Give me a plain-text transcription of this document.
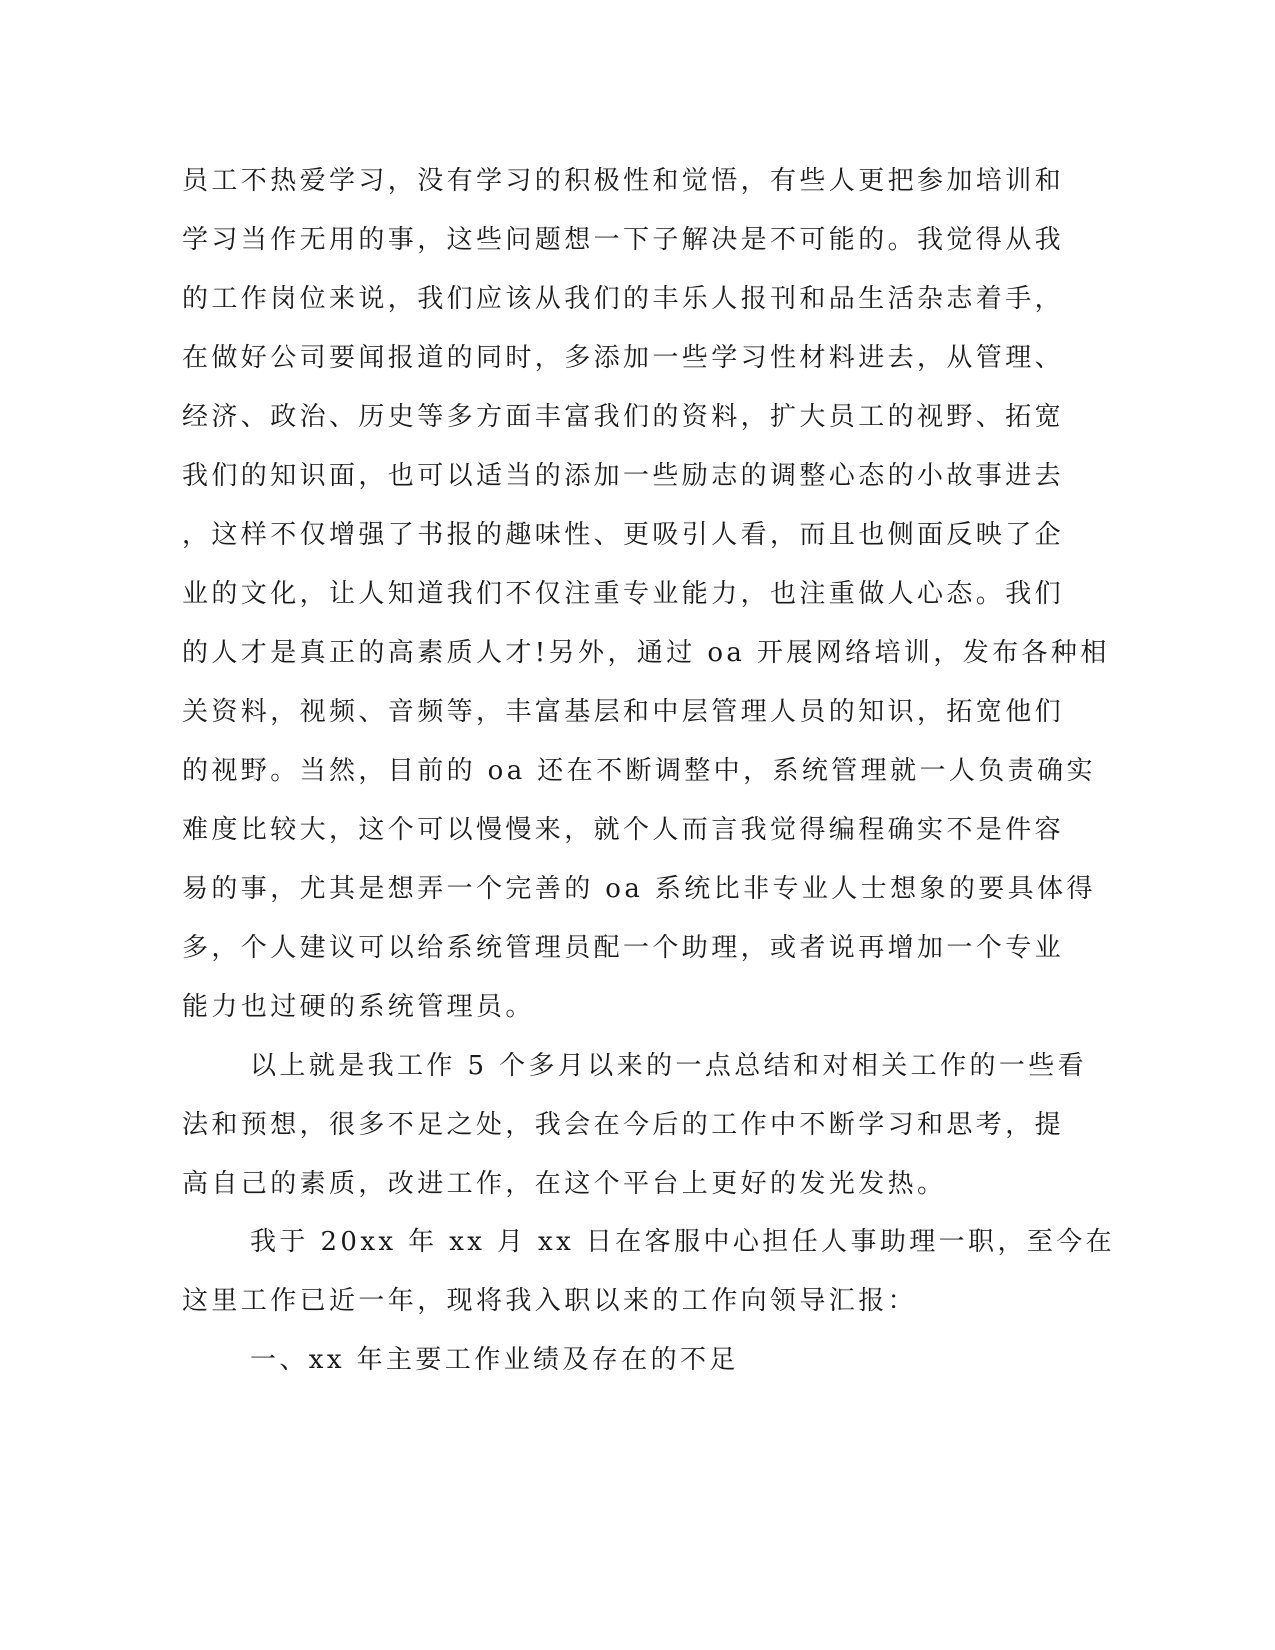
员工不热爱学习，没有学习的积极性和觉悟，有些人更把参加培训和
学习当作无用的事，这些问题想一下子解决是不可能的。我觉得从我
的工作岗位来说，我们应该从我们的丰乐人报刊和品生活杂志着手，
在做好公司要闻报道的同时，多添加一些学习性材料进去，从管理、
经济、政治、历史等多方面丰富我们的资料，扩大员工的视野、拓宽
我们的知识面，也可以适当的添加一些励志的调整心态的小故事进去
，这样不仅增强了书报的趣味性、更吸引人看，而且也侧面反映了企
业的文化，让人知道我们不仅注重专业能力，也注重做人心态。我们
的人才是真正的高素质人才!另外，通过 oa 开展网络培训，发布各种相
关资料，视频、音频等，丰富基层和中层管理人员的知识，拓宽他们
的视野。当然，目前的 oa 还在不断调整中，系统管理就一人负责确实
难度比较大，这个可以慢慢来，就个人而言我觉得编程确实不是件容
易的事，尤其是想弄一个完善的 oa 系统比非专业人士想象的要具体得
多，个人建议可以给系统管理员配一个助理，或者说再增加一个专业
能力也过硬的系统管理员。
以上就是我工作 5 个多月以来的一点总结和对相关工作的一些看
法和预想，很多不足之处，我会在今后的工作中不断学习和思考，提
高自己的素质，改进工作，在这个平台上更好的发光发热。
我于 20xx 年 xx 月 xx 日在客服中心担任人事助理一职，至今在
这里工作已近一年，现将我入职以来的工作向领导汇报：
一、xx 年主要工作业绩及存在的不足
